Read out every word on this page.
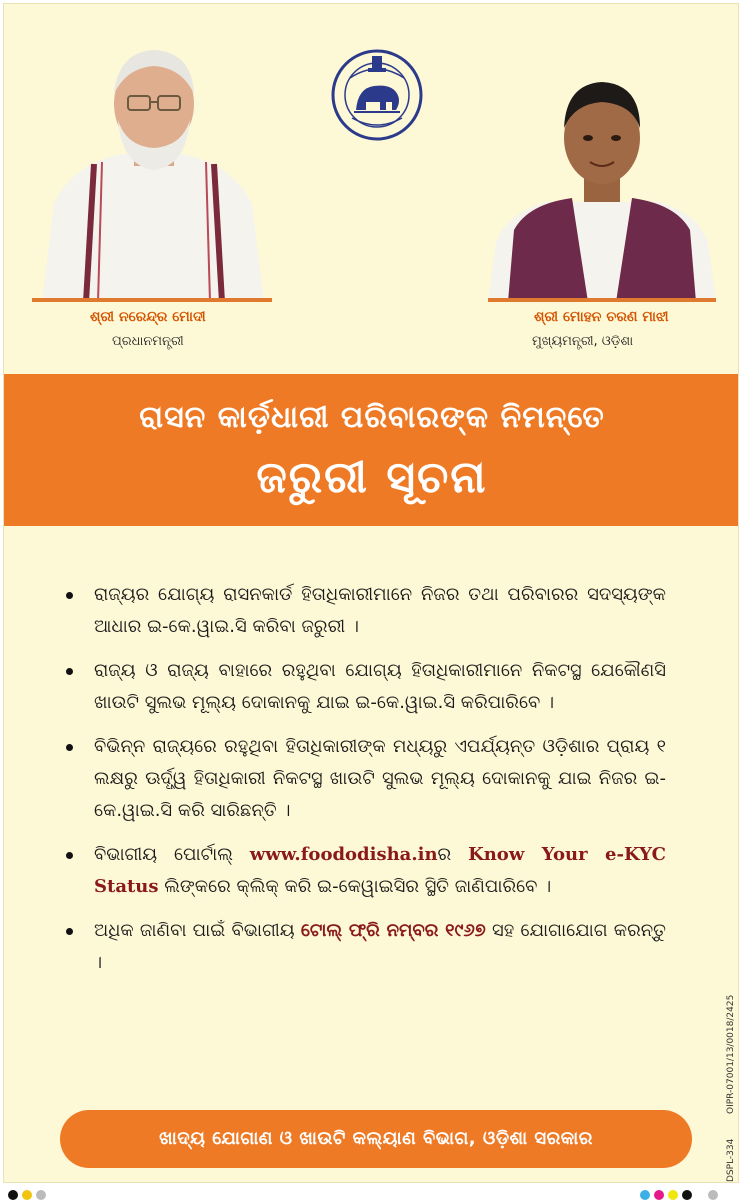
ଶ୍ରୀ ନରେନ୍ଦ୍ର ମୋଦୀ
ପ୍ରଧାନମନ୍ତ୍ରୀ
ଶ୍ରୀ ମୋହନ ଚରଣ ମାଝୀ
ମୁଖ୍ୟମନ୍ତ୍ରୀ, ଓଡ଼ିଶା
ରାସନ କାର୍ଡ଼ଧାରୀ ପରିବାରଙ୍କ ନିମନ୍ତେ
ଜରୁରୀ ସୂଚନା
ରାଜ୍ୟର ଯୋଗ୍ୟ ରାସନକାର୍ଡ ହିତାଧିକାରୀମାନେ ନିଜର ତଥା ପରିବାରର ସଦସ୍ୟଙ୍କ ଆଧାର ଇ-କେ.ୱାଇ.ସି କରିବା ଜରୁରୀ ।
ରାଜ୍ୟ ଓ ରାଜ୍ୟ ବାହାରେ ରହୁଥିବା ଯୋଗ୍ୟ ହିତାଧିକାରୀମାନେ ନିକଟସ୍ଥ ଯେକୌଣସି ଖାଉଟି ସୁଲଭ ମୂଲ୍ୟ ଦୋକାନକୁ ଯାଇ ଇ-କେ.ୱାଇ.ସି କରିପାରିବେ ।
ବିଭିନ୍ନ ରାଜ୍ୟରେ ରହୁଥିବା ହିତାଧିକାରୀଙ୍କ ମଧ୍ୟରୁ ଏପର୍ଯ୍ୟନ୍ତ ଓଡ଼ିଶାର ପ୍ରାୟ ୧ ଲକ୍ଷରୁ ଊର୍ଦ୍ଧ୍ୱ ହିତାଧିକାରୀ ନିକଟସ୍ଥ ଖାଉଟି ସୁଲଭ ମୂଲ୍ୟ ଦୋକାନକୁ ଯାଇ ନିଜର ଇ-କେ.ୱାଇ.ସି କରି ସାରିଛନ୍ତି ।
ବିଭାଗୀୟ ପୋର୍ଟାଲ୍ www.foododisha.inର Know Your e-KYC Status ଲିଙ୍କରେ କ୍ଲିକ୍ କରି ଇ-କେୱାଇସିର ସ୍ଥିତି ଜାଣିପାରିବେ ।
ଅଧିକ ଜାଣିବା ପାଇଁ ବିଭାଗୀୟ ଟୋଲ୍ ଫ୍ରି ନମ୍ବର ୧୯୬୭ ସହ ଯୋଗାଯୋଗ କରନ୍ତୁ ।
OIPR-07001/13/0018/2425
DSPL-334
ଖାଦ୍ୟ ଯୋଗାଣ ଓ ଖାଉଟି କଲ୍ୟାଣ ବିଭାଗ, ଓଡ଼ିଶା ସରକାର
